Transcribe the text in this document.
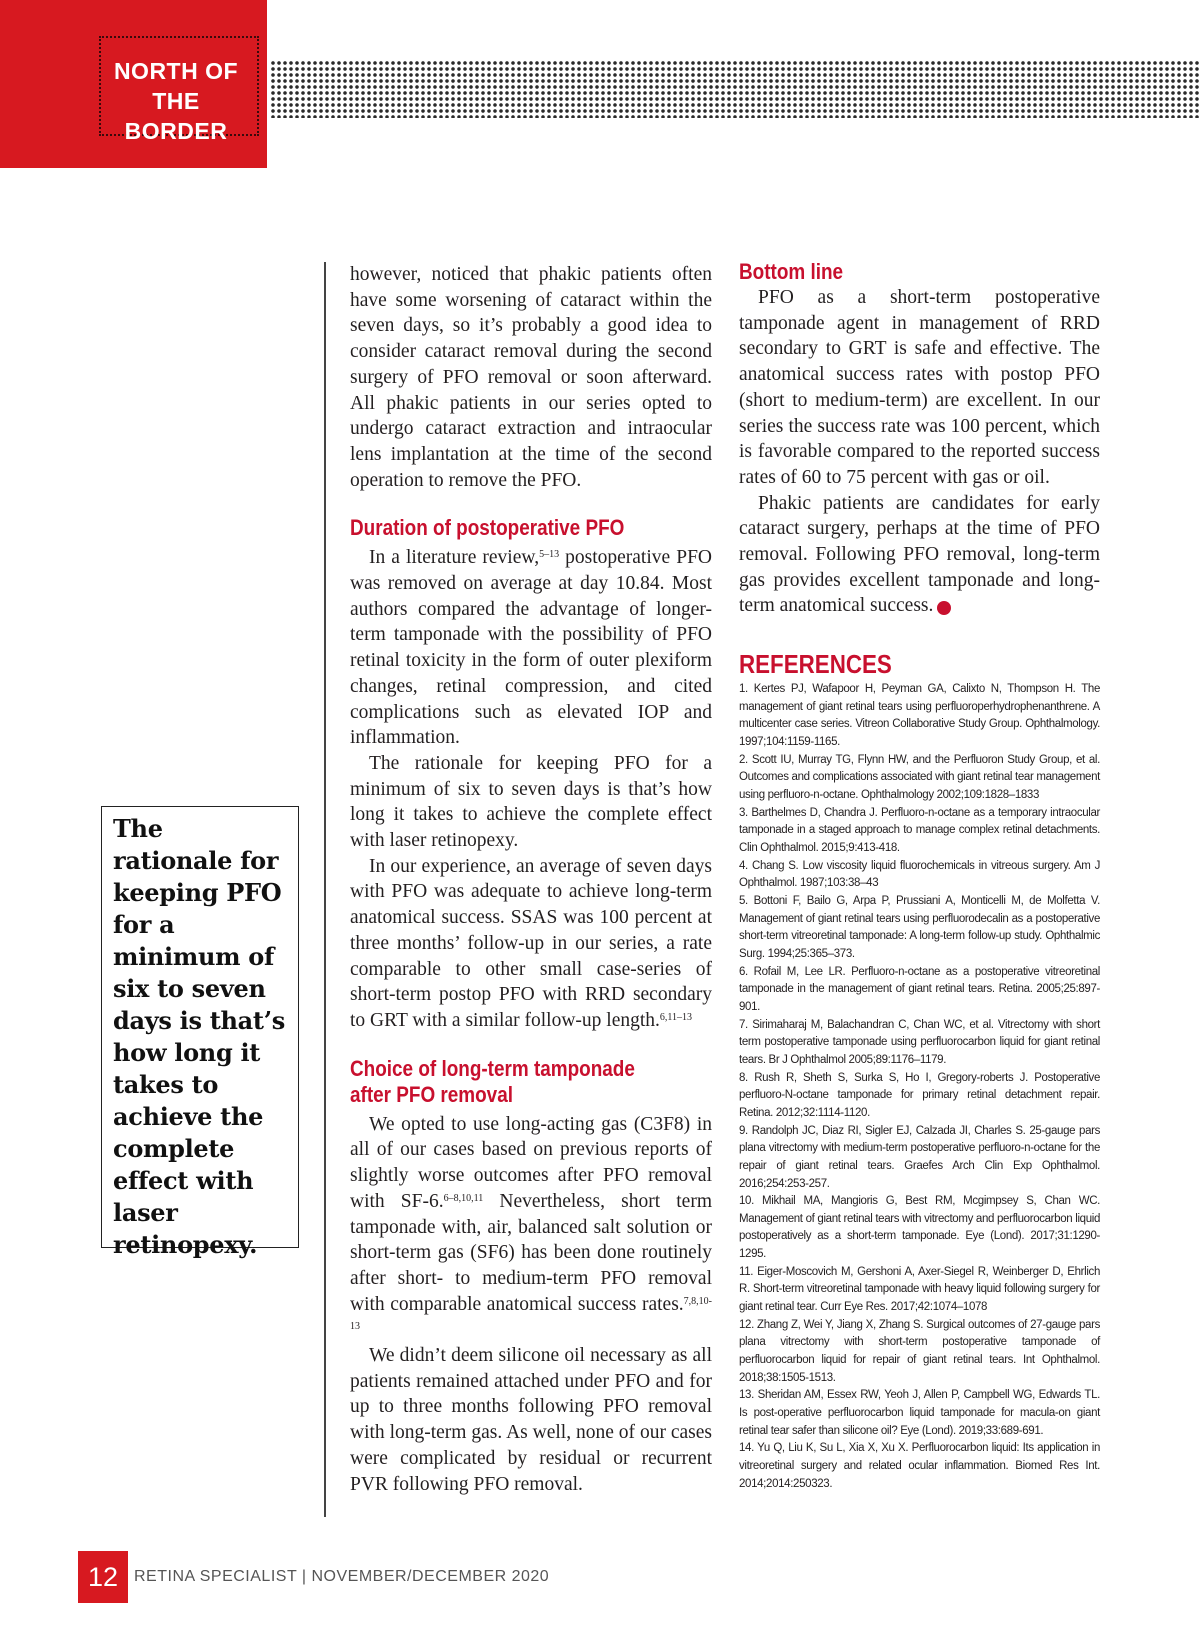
NORTH OF
THE BORDER

The rationale for keeping PFO for a minimum of six to seven days is that’s how long it takes to achieve the complete effect with laser retinopexy.

however, noticed that phakic patients often have some worsening of cataract within the seven days, so it’s probably a good idea to consider cataract removal during the second surgery of PFO removal or soon afterward. All phakic patients in our series opted to undergo cataract extraction and intraocular lens implantation at the time of the second operation to remove the PFO.

Duration of postoperative PFO

In a literature review,$^{5-13}$ postoperative PFO was removed on average at day 10.84. Most authors compared the advantage of longer-term tamponade with the possibility of PFO retinal toxicity in the form of outer plexiform changes, retinal compression, and cited complications such as elevated IOP and inflammation.

The rationale for keeping PFO for a minimum of six to seven days is that’s how long it takes to achieve the complete effect with laser retinopexy.

In our experience, an average of seven days with PFO was adequate to achieve long-term anatomical success. SSAS was 100 percent at three months’ follow-up in our series, a rate comparable to other small case-series of short-term postop PFO with RRD secondary to GRT with a similar follow-up length.$^{6,11-13}$

Choice of long-term tamponade
after PFO removal

We opted to use long-acting gas (C3F8) in all of our cases based on previous reports of slightly worse outcomes after PFO removal with SF-6.$^{6-8,10,11}$ Nevertheless, short term tamponade with, air, balanced salt solution or short-term gas (SF6) has been done routinely after short- to medium-term PFO removal with comparable anatomical success rates.$^{7,8,10-13}$

We didn’t deem silicone oil necessary as all patients remained attached under PFO and for up to three months following PFO removal with long-term gas. As well, none of our cases were complicated by residual or recurrent PVR following PFO removal.

Bottom line

PFO as a short-term postoperative tamponade agent in management of RRD secondary to GRT is safe and effective. The anatomical success rates with postop PFO (short to medium-term) are excellent. In our series the success rate was 100 percent, which is favorable compared to the reported success rates of 60 to 75 percent with gas or oil.

Phakic patients are candidates for early cataract surgery, perhaps at the time of PFO removal. Following PFO removal, long-term gas provides excellent tamponade and long-term anatomical success.	RS

REFERENCES
1. Kertes PJ, Wafapoor H, Peyman GA, Calixto N, Thompson H. The management of giant retinal tears using perfluoroperhydrophenanthrene. A multicenter case series. Vitreon Collaborative Study Group. Ophthalmology. 1997;104:1159-1165.
2. Scott IU, Murray TG, Flynn HW, and the Perfluoron Study Group, et al. Outcomes and complications associated with giant retinal tear management using perfluoro-n-octane. Ophthalmology 2002;109:1828–1833
3. Barthelmes D, Chandra J. Perfluoro-n-octane as a temporary intraocular tamponade in a staged approach to manage complex retinal detachments. Clin Ophthalmol. 2015;9:413-418.
4. Chang S. Low viscosity liquid fluorochemicals in vitreous surgery. Am J Ophthalmol. 1987;103:38–43
5. Bottoni F, Bailo G, Arpa P, Prussiani A, Monticelli M, de Molfetta V. Management of giant retinal tears using perfluorodecalin as a postoperative short-term vitreoretinal tamponade: A long-term follow-up study. Ophthalmic Surg. 1994;25:365–373.
6. Rofail M, Lee LR. Perfluoro-n-octane as a postoperative vitreoretinal tamponade in the management of giant retinal tears. Retina. 2005;25:897-901.
7. Sirimaharaj M, Balachandran C, Chan WC, et al. Vitrectomy with short term postoperative tamponade using perfluorocarbon liquid for giant retinal tears. Br J Ophthalmol 2005;89:1176–1179.
8. Rush R, Sheth S, Surka S, Ho I, Gregory-roberts J. Postoperative perfluoro-N-octane tamponade for primary retinal detachment repair. Retina. 2012;32:1114-1120.
9. Randolph JC, Diaz RI, Sigler EJ, Calzada JI, Charles S. 25-gauge pars plana vitrectomy with medium-term postoperative perfluoro-n-octane for the repair of giant retinal tears. Graefes Arch Clin Exp Ophthalmol. 2016;254:253-257.
10. Mikhail MA, Mangioris G, Best RM, Mcgimpsey S, Chan WC. Management of giant retinal tears with vitrectomy and perfluorocarbon liquid postoperatively as a short-term tamponade. Eye (Lond). 2017;31:1290-1295.
11. Eiger-Moscovich M, Gershoni A, Axer-Siegel R, Weinberger D, Ehrlich R. Short-term vitreoretinal tamponade with heavy liquid following surgery for giant retinal tear. Curr Eye Res. 2017;42:1074–1078
12. Zhang Z, Wei Y, Jiang X, Zhang S. Surgical outcomes of 27-gauge pars plana vitrectomy with short-term postoperative tamponade of perfluorocarbon liquid for repair of giant retinal tears. Int Ophthalmol. 2018;38:1505-1513.
13. Sheridan AM, Essex RW, Yeoh J, Allen P, Campbell WG, Edwards TL. Is post-operative perfluorocarbon liquid tamponade for macula-on giant retinal tear safer than silicone oil? Eye (Lond). 2019;33:689-691.
14. Yu Q, Liu K, Su L, Xia X, Xu X. Perfluorocarbon liquid: Its application in vitreoretinal surgery and related ocular inflammation. Biomed Res Int. 2014;2014:250323.
12 RETINA SPECIALIST | NOVEMBER/DECEMBER 2020
